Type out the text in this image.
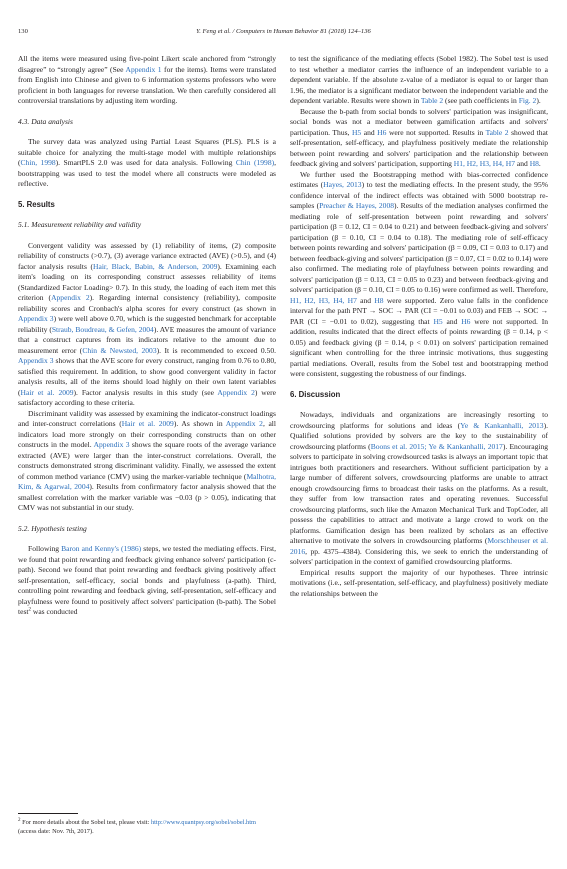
130	Y. Feng et al. / Computers in Human Behavior 81 (2018) 124–136

All the items were measured using five-point Likert scale anchored from “strongly disagree” to “strongly agree” (See Appendix 1 for the items). Items were translated from English into Chinese and given to 6 information systems professors who were proficient in both languages for reverse translation. We then carefully considered all controversial translations by adjusting item wording.

4.3. Data analysis

The survey data was analyzed using Partial Least Squares (PLS). PLS is a suitable choice for analyzing the multi-stage model with multiple relationships (Chin, 1998). SmartPLS 2.0 was used for data analysis. Following Chin (1998), bootstrapping was used to test the model where all constructs were modeled as reflective.

5. Results

5.1. Measurement reliability and validity

Convergent validity was assessed by (1) reliability of items, (2) composite reliability of constructs (>0.7), (3) average variance extracted (AVE) (>0.5), and (4) factor analysis results (Hair, Black, Babin, & Anderson, 2009). Examining each item's loading on its corresponding construct assesses reliability of items (Standardized Factor Loading> 0.7). In this study, the loading of each item met this criterion (Appendix 2). Regarding internal consistency (reliability), composite reliability scores and Cronbach's alpha scores for every construct (as shown in Appendix 3) were well above 0.70, which is the suggested benchmark for acceptable reliability (Straub, Boudreau, & Gefen, 2004). AVE measures the amount of variance that a construct captures from its indicators relative to the amount due to measurement error (Chin & Newsted, 2003). It is recommended to exceed 0.50. Appendix 3 shows that the AVE score for every construct, ranging from 0.76 to 0.80, satisfied this requirement. In addition, to show good convergent validity in factor analysis results, all of the items should load highly on their own latent variables (Hair et al. 2009). Factor analysis results in this study (see Appendix 2) were satisfactory according to these criteria.

Discriminant validity was assessed by examining the indicator-construct loadings and inter-construct correlations (Hair et al. 2009). As shown in Appendix 2, all indicators load more strongly on their corresponding constructs than on other constructs in the model. Appendix 3 shows the square roots of the average variance extracted (AVE) were larger than the inter-construct correlations. Overall, the constructs demonstrated strong discriminant validity. Finally, we assessed the extent of common method variance (CMV) using the marker-variable technique (Malhotra, Kim, & Agarwal, 2004). Results from confirmatory factor analysis showed that the smallest correlation with the marker variable was −0.03 (p > 0.05), indicating that CMV was not substantial in our study.

5.2. Hypothesis testing

Following Baron and Kenny's (1986) steps, we tested the mediating effects. First, we found that point rewarding and feedback giving enhance solvers' participation (c-path). Second we found that point rewarding and feedback giving positively affect self-presentation, self-efficacy, social bonds and playfulness (a-path). Third, controlling point rewarding and feedback giving, self-presentation, self-efficacy and playfulness were found to positively affect solvers' participation (b-path). The Sobel test$^2$ was conducted

to test the significance of the mediating effects (Sobel 1982). The Sobel test is used to test whether a mediator carries the influence of an independent variable to a dependent variable. If the absolute z-value of a mediator is equal to or larger than 1.96, the mediator is a significant mediator between the independent variable and the dependent variable. Results were shown in Table 2 (see path coefficients in Fig. 2).

Because the b-path from social bonds to solvers' participation was insignificant, social bonds was not a mediator between gamification artifacts and solvers' participation. Thus, H5 and H6 were not supported. Results in Table 2 showed that self-presentation, self-efficacy, and playfulness positively mediate the relationship between point rewarding and solvers' participation and the relationship between feedback giving and solvers' participation, supporting H1, H2, H3, H4, H7 and H8.

We further used the Bootstrapping method with bias-corrected confidence estimates (Hayes, 2013) to test the mediating effects. In the present study, the 95% confidence interval of the indirect effects was obtained with 5000 bootstrap re-samples (Preacher & Hayes, 2008). Results of the mediation analyses confirmed the mediating role of self-presentation between point rewarding and solvers' participation (β = 0.12, CI = 0.04 to 0.21) and between feedback-giving and solvers' participation (β = 0.10, CI = 0.04 to 0.18). The mediating role of self-efficacy between points rewarding and solvers' participation (β = 0.09, CI = 0.03 to 0.17) and between feedback-giving and solvers' participation (β = 0.07, CI = 0.02 to 0.14) were also confirmed. The mediating role of playfulness between points rewarding and solvers' participation (β = 0.13, CI = 0.05 to 0.23) and between feedback-giving and solvers' participation (β = 0.10, CI = 0.05 to 0.16) were confirmed as well. Therefore, H1, H2, H3, H4, H7 and H8 were supported. Zero value falls in the confidence interval for the path PNT → SOC → PAR (CI = −0.01 to 0.03) and FEB → SOC → PAR (CI = −0.01 to 0.02), suggesting that H5 and H6 were not supported. In addition, results indicated that the direct effects of points rewarding (β = 0.14, p < 0.05) and feedback giving (β = 0.14, p < 0.01) on solvers' participation remained significant when controlling for the three intrinsic motivations, thus suggesting partial mediations. Overall, results from the Sobel test and bootstrapping method were consistent, suggesting the robustness of our findings.

6. Discussion

Nowadays, individuals and organizations are increasingly resorting to crowdsourcing platforms for solutions and ideas (Ye & Kankanhalli, 2013). Qualified solutions provided by solvers are the key to the sustainability of crowdsourcing platforms (Boons et al. 2015; Ye & Kankanhalli, 2017). Encouraging solvers to participate in solving crowdsourced tasks is always an important topic that intrigues both practitioners and researchers. Without sufficient participation by a large number of different solvers, crowdsourcing platforms are unable to attract enough crowdsourcing firms to broadcast their tasks on the platforms. As a result, they suffer from low transaction rates and operating revenues. Successful crowdsourcing platforms, such like the Amazon Mechanical Turk and TopCoder, all possess the capabilities to attract and motivate a large crowd to work on the platforms. Gamification design has been realized by scholars as an effective alternative to motivate the solvers in crowdsourcing platforms (Morschheuser et al. 2016, pp. 4375–4384). Considering this, we seek to enrich the understanding of solvers' participation in the context of gamified crowdsourcing platforms.

Empirical results support the majority of our hypotheses. Three intrinsic motivations (i.e., self-presentation, self-efficacy, and playfulness) positively mediate the relationships between the

$^2$ For more details about the Sobel test, please visit: http://www.quantpsy.org/sobel/sobel.htm (access date: Nov. 7th, 2017).
